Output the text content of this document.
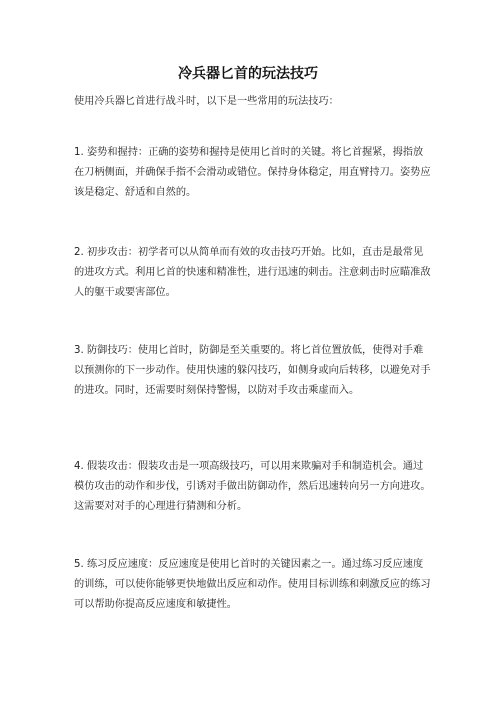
冷兵器匕首的玩法技巧
使用冷兵器匕首进行战斗时，以下是一些常用的玩法技巧：
1. 姿势和握持：正确的姿势和握持是使用匕首时的关键。将匕首握紧，拇指放
在刀柄侧面，并确保手指不会滑动或错位。保持身体稳定，用直臂持刀。姿势应
该是稳定、舒适和自然的。
2. 初步攻击：初学者可以从简单而有效的攻击技巧开始。比如，直击是最常见
的进攻方式。利用匕首的快速和精准性，进行迅速的刺击。注意刺击时应瞄准敌
人的躯干或要害部位。
3. 防御技巧：使用匕首时，防御是至关重要的。将匕首位置放低，使得对手难
以预测你的下一步动作。使用快速的躲闪技巧，如侧身或向后转移，以避免对手
的进攻。同时，还需要时刻保持警惕，以防对手攻击乘虚而入。
4. 假装攻击：假装攻击是一项高级技巧，可以用来欺骗对手和制造机会。通过
模仿攻击的动作和步伐，引诱对手做出防御动作，然后迅速转向另一方向进攻。
这需要对对手的心理进行猜测和分析。
5. 练习反应速度：反应速度是使用匕首时的关键因素之一。通过练习反应速度
的训练，可以使你能够更快地做出反应和动作。使用目标训练和刺激反应的练习
可以帮助你提高反应速度和敏捷性。
